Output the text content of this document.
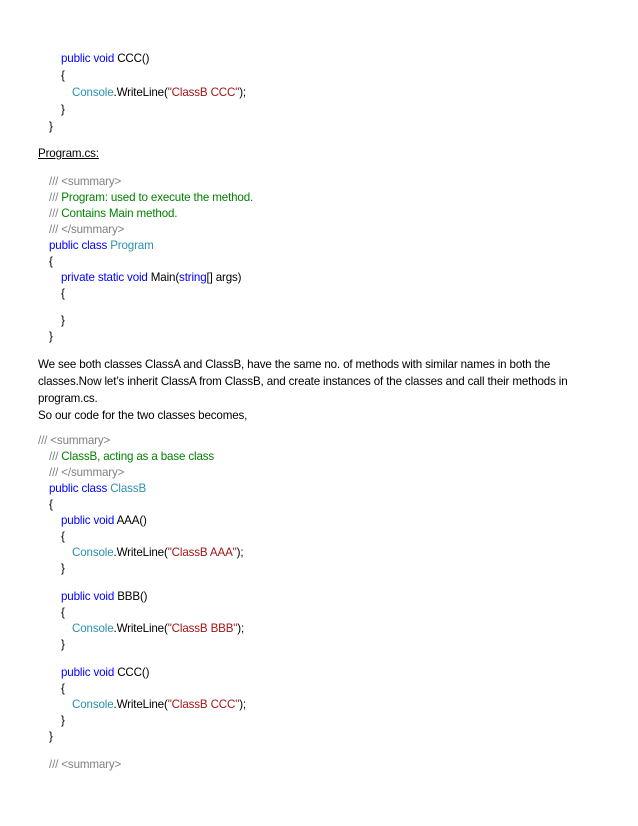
public void CCC()
{
Console.WriteLine("ClassB CCC");
}
}
Program.cs:
/// <summary>
/// Program: used to execute the method.
/// Contains Main method.
/// </summary>
public class Program
{
private static void Main(string[] args)
{
}
}
We see both classes ClassA and ClassB, have the same no. of methods with similar names in both the
classes.Now let’s inherit ClassA from ClassB, and create instances of the classes and call their methods in
program.cs.
So our code for the two classes becomes,
/// <summary>
/// ClassB, acting as a base class
/// </summary>
public class ClassB
{
public void AAA()
{
Console.WriteLine("ClassB AAA");
}
public void BBB()
{
Console.WriteLine("ClassB BBB");
}
public void CCC()
{
Console.WriteLine("ClassB CCC");
}
}
/// <summary>
